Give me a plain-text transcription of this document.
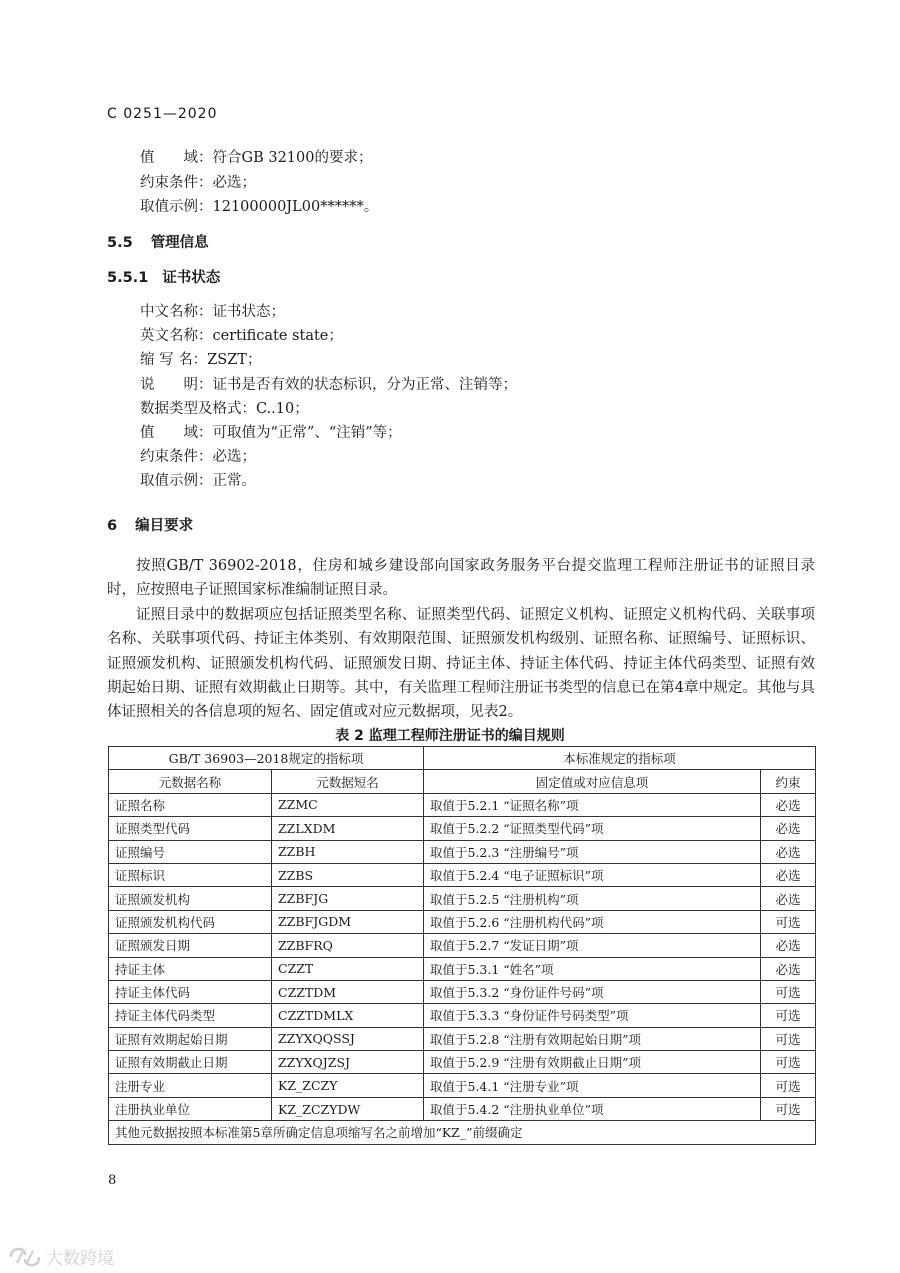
C 0251—2020
值　　域：符合GB 32100的要求；
约束条件：必选；
取值示例：12100000JL00******。
5.5 管理信息
5.5.1 证书状态
中文名称：证书状态；
英文名称：certificate state；
缩 写 名：ZSZT；
说　　明：证书是否有效的状态标识，分为正常、注销等；
数据类型及格式：C..10；
值　　域：可取值为“正常”、“注销”等；
约束条件：必选；
取值示例：正常。
6 编目要求

按照GB/T 36902-2018，住房和城乡建设部向国家政务服务平台提交监理工程师注册证书的证照目录时，应按照电子证照国家标准编制证照目录。

证照目录中的数据项应包括证照类型名称、证照类型代码、证照定义机构、证照定义机构代码、关联事项名称、关联事项代码、持证主体类别、有效期限范围、证照颁发机构级别、证照名称、证照编号、证照标识、证照颁发机构、证照颁发机构代码、证照颁发日期、持证主体、持证主体代码、持证主体代码类型、证照有效期起始日期、证照有效期截止日期等。其中，有关监理工程师注册证书类型的信息已在第4章中规定。其他与具体证照相关的各信息项的短名、固定值或对应元数据项，见表2。

表 2 监理工程师注册证书的编目规则
GB/T 36903—2018规定的指标项		本标准规定的指标项	
元数据名称	元数据短名	固定值或对应信息项	约束
证照名称	ZZMC	取值于5.2.1 “证照名称”项	必选
证照类型代码	ZZLXDM	取值于5.2.2 “证照类型代码”项	必选
证照编号	ZZBH	取值于5.2.3 “注册编号”项	必选
证照标识	ZZBS	取值于5.2.4 “电子证照标识”项	必选
证照颁发机构	ZZBFJG	取值于5.2.5 “注册机构”项	必选
证照颁发机构代码	ZZBFJGDM	取值于5.2.6 “注册机构代码”项	可选
证照颁发日期	ZZBFRQ	取值于5.2.7 “发证日期”项	必选
持证主体	CZZT	取值于5.3.1 “姓名”项	必选
持证主体代码	CZZTDM	取值于5.3.2 “身份证件号码”项	可选
持证主体代码类型	CZZTDMLX	取值于5.3.3 “身份证件号码类型”项	可选
证照有效期起始日期	ZZYXQQSSJ	取值于5.2.8 “注册有效期起始日期”项	可选
证照有效期截止日期	ZZYXQJZSJ	取值于5.2.9 “注册有效期截止日期”项	可选
注册专业	KZ_ZCZY	取值于5.4.1 “注册专业”项	可选
注册执业单位	KZ_ZCZYDW	取值于5.4.2 “注册执业单位”项	可选
其他元数据按照本标准第5章所确定信息项缩写名之前增加“KZ_”前缀确定			
8
大数跨境
